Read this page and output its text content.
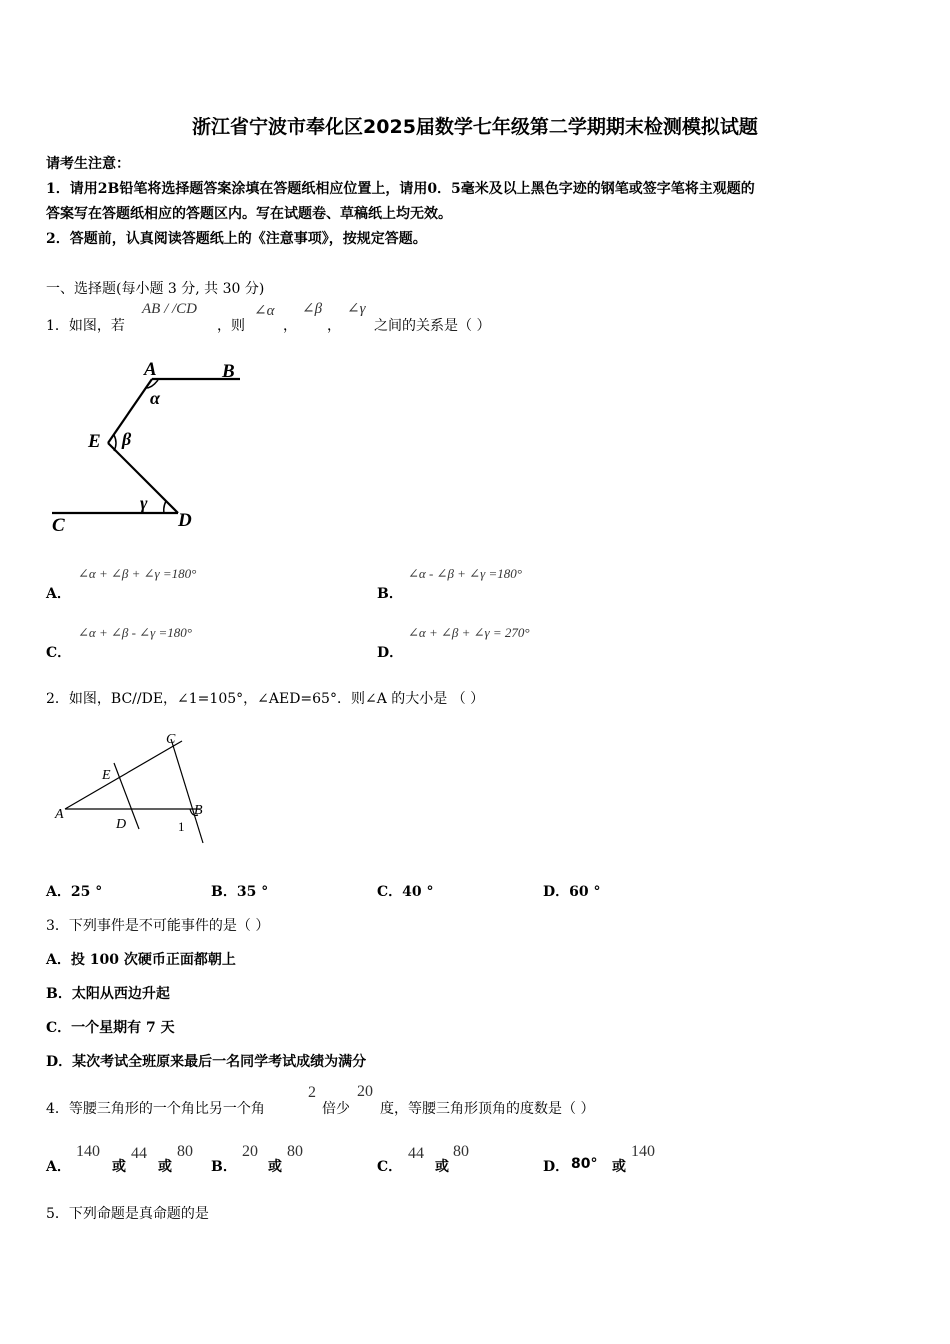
浙江省宁波市奉化区2025届数学七年级第二学期期末检测模拟试题
请考生注意：
1．请用2B铅笔将选择题答案涂填在答题纸相应位置上，请用0．5毫米及以上黑色字迹的钢笔或签字笔将主观题的
答案写在答题纸相应的答题区内。写在试题卷、草稿纸上均无效。
2．答题前，认真阅读答题纸上的《注意事项》，按规定答题。
一、选择题(每小题 3 分, 共 30 分)
1．如图，若
AB / /CD
，则
∠α
，
∠β
，
∠γ
之间的关系是（ ）
A	B
E
C	D
α
β
γ
A．
∠α + ∠β + ∠γ =180°
B．
∠α - ∠β + ∠γ =180°
C．
∠α + ∠β - ∠γ =180°
D．
∠α + ∠β + ∠γ = 270°
2．如图，BC//DE，∠1=105°，∠AED=65°．则∠A 的大小是 （ ）
C
E
A
D
B
1
A．25 °	B．35 °	C．40 °	D．60 °
3．下列事件是不可能事件的是（ ）
A．投 100 次硬币正面都朝上
B．太阳从西边升起
C．一个星期有 7 天
D．某次考试全班原来最后一名同学考试成绩为满分
4．等腰三角形的一个角比另一个角
2
倍少
20
度，等腰三角形顶角的度数是（ ）
A．
140
或
44
或
80
B．
20
或
80
C．
44
或
80
D． 80° 或
140
5．下列命题是真命题的是
